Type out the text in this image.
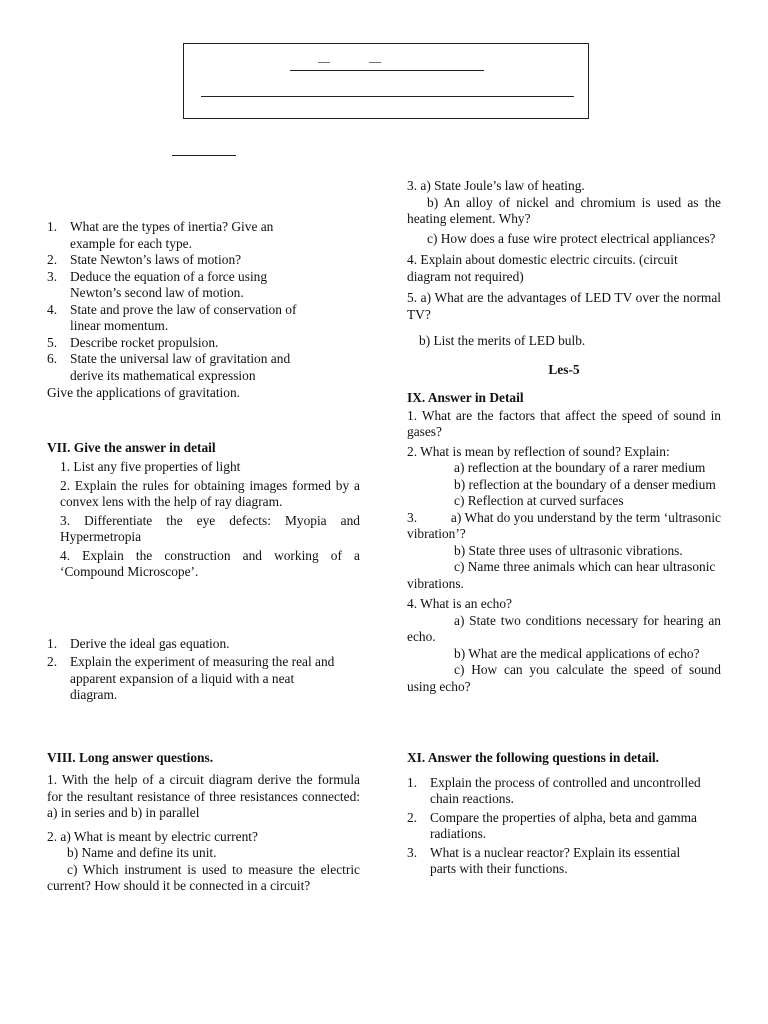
—	—
1. What are the types of inertia? Give an example for each type.
2. State Newton’s laws of motion?
3. Deduce the equation of a force using Newton’s second law of motion.
4. State and prove the law of conservation of linear momentum.
5. Describe rocket propulsion.
6. State the universal law of gravitation and derive its mathematical expression

Give the applications of gravitation.

VII. Give the answer in detail

1. List any five properties of light

2. Explain the rules for obtaining images formed by a convex lens with the help of ray diagram.

3. Differentiate the eye defects: Myopia and Hypermetropia

4. Explain the construction and working of a ‘Compound Microscope’.

1. Derive the ideal gas equation.
2. Explain the experiment of measuring the real and apparent expansion of a liquid with a neat diagram.

VIII. Long answer questions.

1. With the help of a circuit diagram derive the formula for the resultant resistance of three resistances connected: a) in series and b) in parallel

2. a) What is meant by electric current?

b) Name and define its unit.

c) Which instrument is used to measure the electric current? How should it be connected in a circuit?

3. a) State Joule’s law of heating.

b) An alloy of nickel and chromium is used as the heating element. Why?

c) How does a fuse wire protect electrical appliances?

4. Explain about domestic electric circuits. (circuit diagram not required)

5. a) What are the advantages of LED TV over the normal TV?

b) List the merits of LED bulb.

Les-5

IX. Answer in Detail

1. What are the factors that affect the speed of sound in gases?

2. What is mean by reflection of sound? Explain:

a) reflection at the boundary of a rarer medium

b) reflection at the boundary of a denser medium

c) Reflection at curved surfaces

3.          a) What do you understand by the term ‘ultrasonic vibration’?

b) State three uses of ultrasonic vibrations.

c) Name three animals which can hear ultrasonic vibrations.

4. What is an echo?

a) State two conditions necessary for hearing an echo.

b) What are the medical applications of echo?

c) How can you calculate the speed of sound using echo?

XI. Answer the following questions in detail.

1. Explain the process of controlled and uncontrolled chain reactions.
2. Compare the properties of alpha, beta and gamma radiations.
3. What is a nuclear reactor? Explain its essential parts with their functions.
